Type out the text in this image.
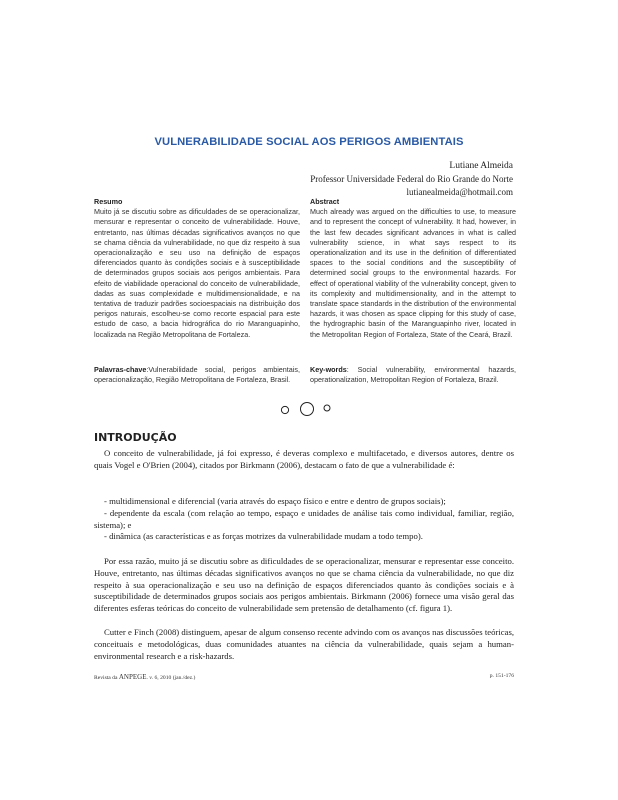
VULNERABILIDADE SOCIAL AOS PERIGOS AMBIENTAIS
Lutiane Almeida
Professor Universidade Federal do Rio Grande do Norte
lutianealmeida@hotmail.com
Resumo
Muito já se discutiu sobre as dificuldades de se operacionalizar, mensurar e representar o conceito de vulnerabilidade. Houve, entretanto, nas últimas décadas significativos avanços no que se chama ciência da vulnerabilidade, no que diz respeito à sua operacionalização e seu uso na definição de espaços diferenciados quanto às condições sociais e à susceptibilidade de determinados grupos sociais aos perigos ambientais. Para efeito de viabilidade operacional do conceito de vulnerabilidade, dadas as suas complexidade e multidimensionalidade, e na tentativa de traduzir padrões socioespaciais na distribuição dos perigos naturais, escolheu-se como recorte espacial para este estudo de caso, a bacia hidrográfica do rio Maranguapinho, localizada na Região Metropolitana de Fortaleza.
Palavras-chave:Vulnerabilidade social, perigos ambientais, operacionalização, Região Metropolitana de Fortaleza, Brasil.
Abstract
Much already was argued on the difficulties to use, to measure and to represent the concept of vulnerability. It had, however, in the last few decades significant advances in what is called vulnerability science, in what says respect to its operationalization and its use in the definition of differentiated spaces to the social conditions and the susceptibility of determined social groups to the environmental hazards. For effect of operational viability of the vulnerability concept, given to its complexity and multidimensionality, and in the attempt to translate space standards in the distribution of the environmental hazards, it was chosen as space clipping for this study of case, the hydrographic basin of the Maranguapinho river, located in the Metropolitan Region of Fortaleza, State of the Ceará, Brazil.
Key-words: Social vulnerability, environmental hazards, operationalization, Metropolitan Region of Fortaleza, Brazil.
INTRODUÇÃO

O conceito de vulnerabilidade, já foi expresso, é deveras complexo e multifacetado, e diversos autores, dentre os quais Vogel e O'Brien (2004), citados por Birkmann (2006), destacam o fato de que a vulnerabilidade é:

- multidimensional e diferencial (varia através do espaço físico e entre e dentro de grupos sociais);

- dependente da escala (com relação ao tempo, espaço e unidades de análise tais como individual, familiar, região, sistema); e

- dinâmica (as características e as forças motrizes da vulnerabilidade mudam a todo tempo).

Por essa razão, muito já se discutiu sobre as dificuldades de se operacionalizar, mensurar e representar esse conceito. Houve, entretanto, nas últimas décadas significativos avanços no que se chama ciência da vulnerabilidade, no que diz respeito à sua operacionalização e seu uso na definição de espaços diferenciados quanto às condições sociais e à susceptibilidade de determinados grupos sociais aos perigos ambientais. Birkmann (2006) fornece uma visão geral das diferentes esferas teóricas do conceito de vulnerabilidade sem pretensão de detalhamento (cf. figura 1).

Cutter e Finch (2008) distinguem, apesar de algum consenso recente advindo com os avanços nas discussões teóricas, conceituais e metodológicas, duas comunidades atuantes na ciência da vulnerabilidade, quais sejam a human-environmental research e a risk-hazards.

Revista da ANPEGE. v. 6, 2010 (jan./dez.)	p. 151-176
